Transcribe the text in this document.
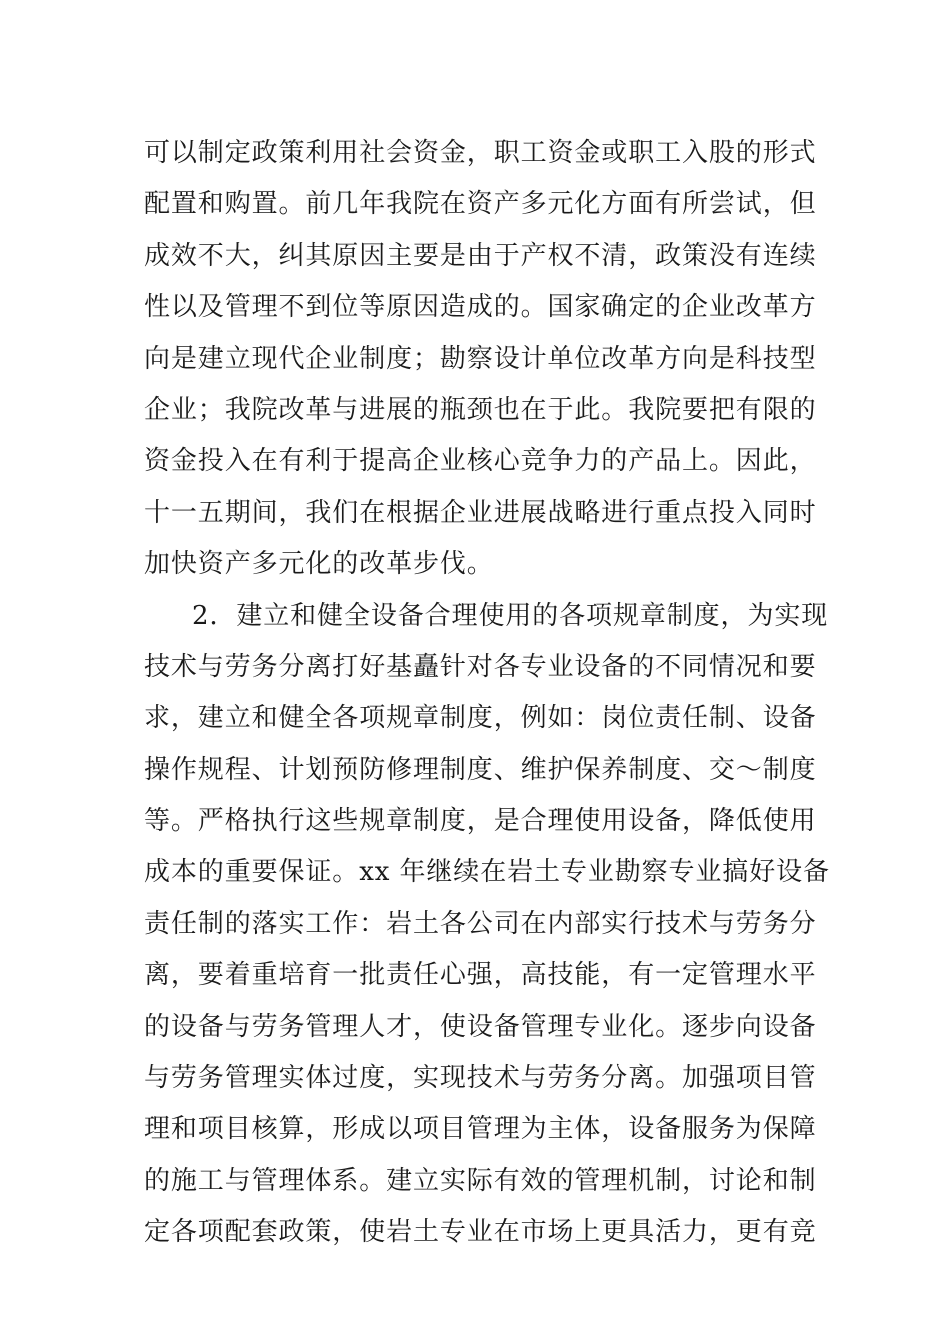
可以制定政策利用社会资金，职工资金或职工入股的形式
配置和购置。前几年我院在资产多元化方面有所尝试，但
成效不大，纠其原因主要是由于产权不清，政策没有连续
性以及管理不到位等原因造成的。国家确定的企业改革方
向是建立现代企业制度；勘察设计单位改革方向是科技型
企业；我院改革与进展的瓶颈也在于此。我院要把有限的
资金投入在有利于提高企业核心竞争力的产品上。因此，
十一五期间，我们在根据企业进展战略进行重点投入同时
加快资产多元化的改革步伐。
2．建立和健全设备合理使用的各项规章制度，为实现
技术与劳务分离打好基矗针对各专业设备的不同情况和要
求，建立和健全各项规章制度，例如：岗位责任制、设备
操作规程、计划预防修理制度、维护保养制度、交～制度
等。严格执行这些规章制度，是合理使用设备，降低使用
成本的重要保证。xx 年继续在岩土专业勘察专业搞好设备
责任制的落实工作：岩土各公司在内部实行技术与劳务分
离，要着重培育一批责任心强，高技能，有一定管理水平
的设备与劳务管理人才，使设备管理专业化。逐步向设备
与劳务管理实体过度，实现技术与劳务分离。加强项目管
理和项目核算，形成以项目管理为主体，设备服务为保障
的施工与管理体系。建立实际有效的管理机制，讨论和制
定各项配套政策，使岩土专业在市场上更具活力，更有竞
